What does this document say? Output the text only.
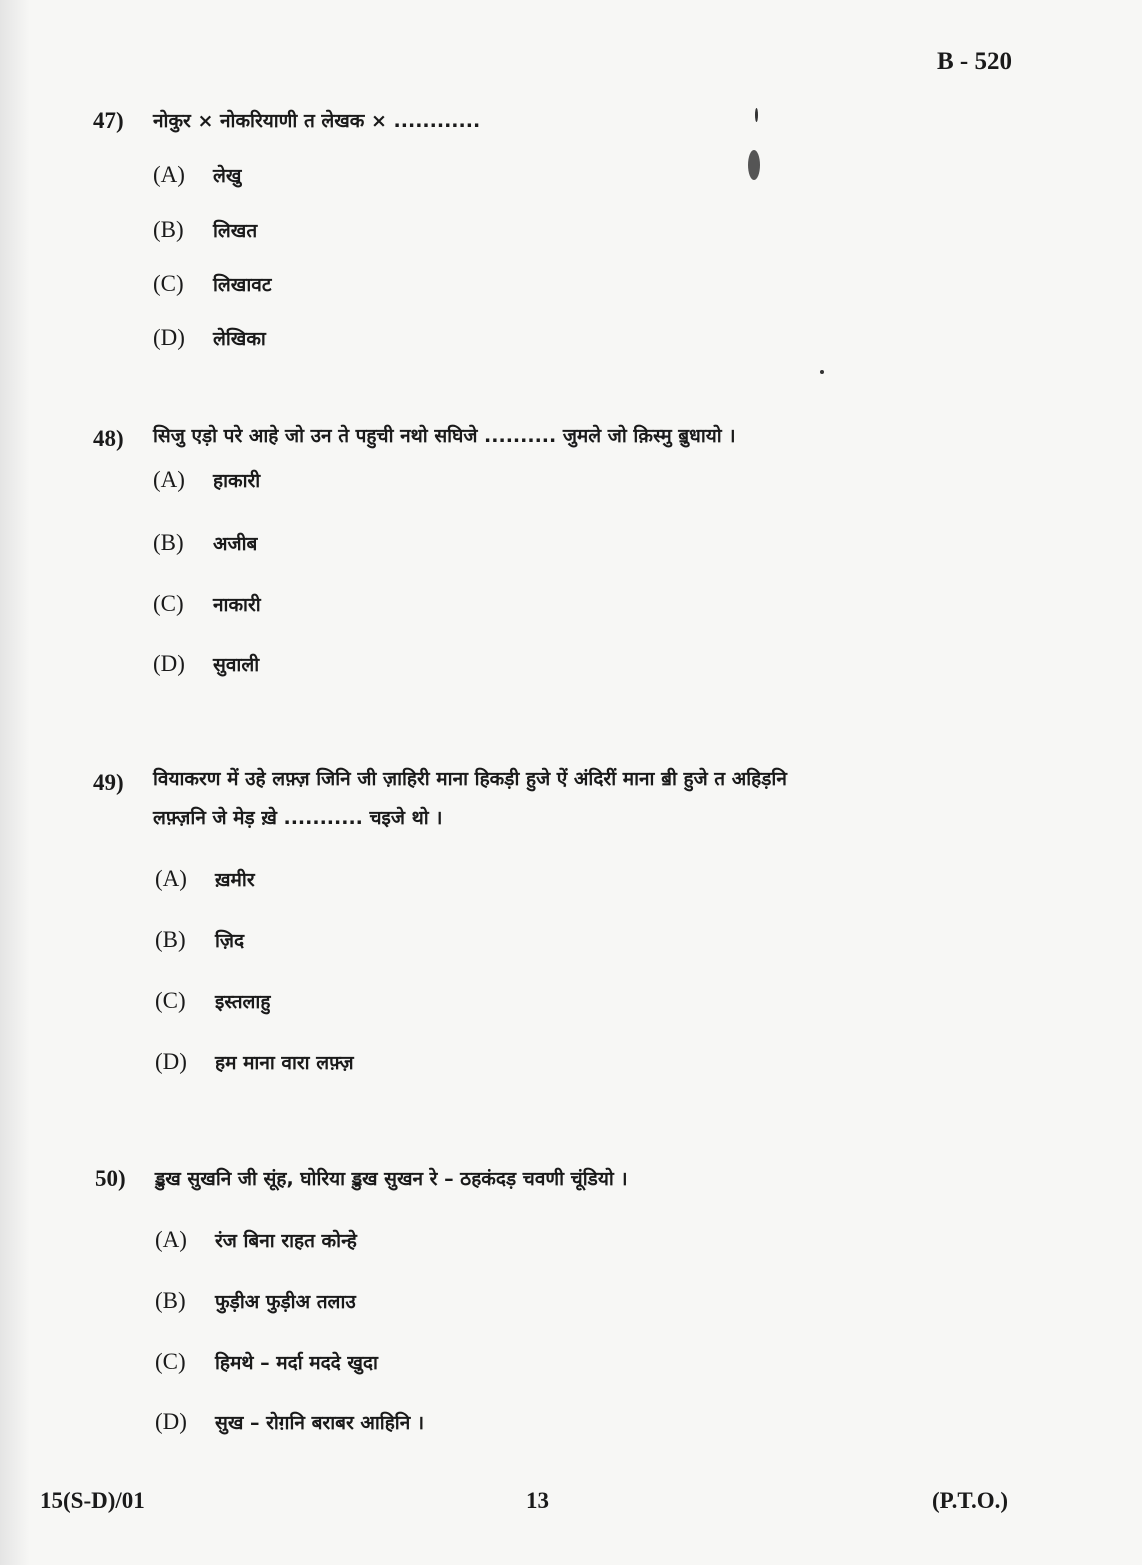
B - 520
47) नोकुर × नोकरियाणी त लेखक × ............
(A)	लेखु
(B)	लिखत
(C)	लिखावट
(D)	लेखिका
48) सिजु एड़ो परे आहे जो उन ते पहुची नथो सघिजे .......... जुमले जो क़िस्मु ॿुधायो ।
(A)	हाकारी
(B)	अजीब
(C)	नाकारी
(D)	सुवाली
49) वियाकरण में उहे लफ़्ज़ जिनि जी ज़ाहिरी माना हिकड़ी हुजे ऐं अंदिरीं माना ॿी हुजे त अहिड़नि
लफ़्ज़नि जे मेड़ ख़े ........... चइजे थो ।
(A)	ख़मीर
(B)	ज़िद
(C)	इस्तलाहु
(D)	हम माना वारा लफ़्ज़
50) ॾुख सुखनि जी सूंह, घोरिया ॾुख सुखन रे – ठहकंदड़ चवणी चूंडियो ।
(A)	रंज बिना राहत कोन्हे
(B)	फुड़ीअ फुड़ीअ तलाउ
(C)	हिमथे – मर्दा मददे खुदा
(D)	सुख – रोग़नि बराबर आहिनि ।
15(S-D)/01	13	(P.T.O.)
